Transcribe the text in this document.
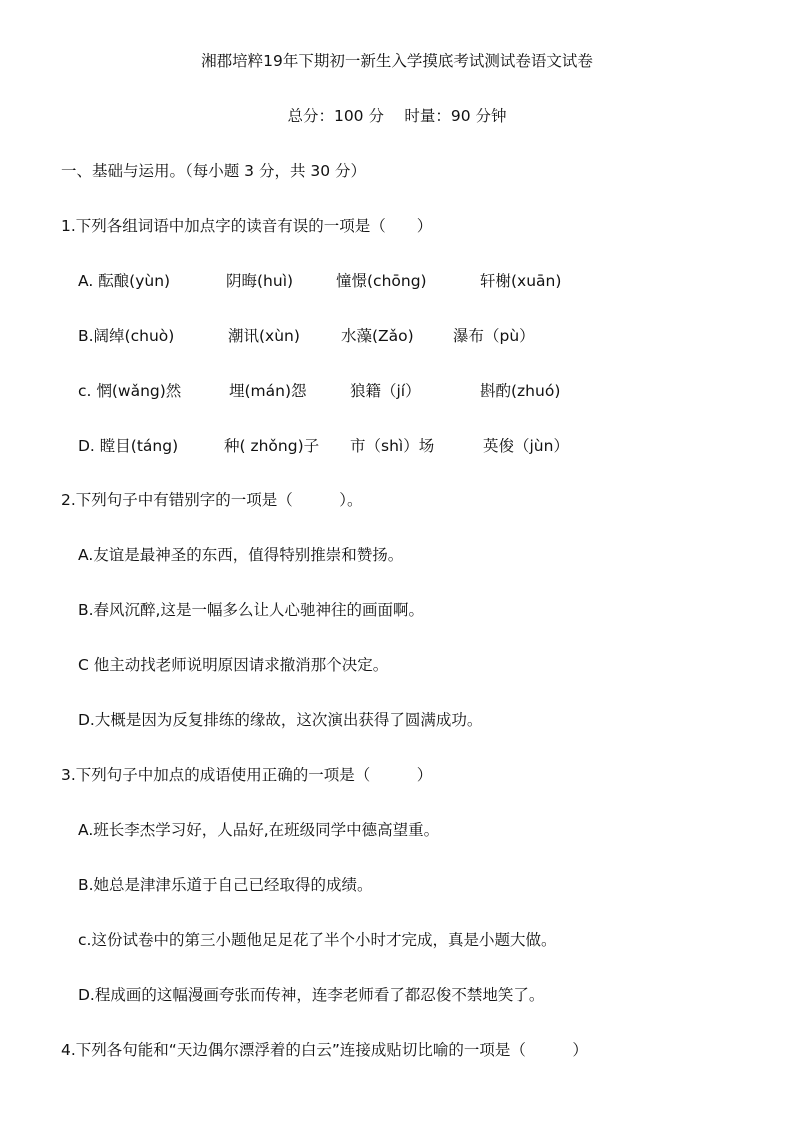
湘郡培粹19年下期初一新生入学摸底考试测试卷语文试卷
总分：100 分　 时量：90 分钟
一、基础与运用。（每小题 3 分，共 30 分）
1.下列各组词语中加点字的读音有误的一项是（　　）
A. 酝酿(yùn)	阴晦(huì)	憧憬(chōng)	轩榭(xuān)
B.阔绰(chuò)	潮讯(xùn)	水藻(Zǎo)	瀑布（pù）
c. 惘(wǎng)然	埋(mán)怨	狼籍（jí）	斟酌(zhuó)
D. 瞠目(táng)	种( zhǒng)子 市（shì）场	英俊（jùn）
2.下列句子中有错别字的一项是（　　　）。
A.友谊是最神圣的东西，值得特别推崇和赞扬。
B.春风沉醉,这是一幅多么让人心驰神往的画面啊。
C 他主动找老师说明原因请求撤消那个决定。
D.大概是因为反复排练的缘故，这次演出获得了圆满成功。
3.下列句子中加点的成语使用正确的一项是（　　　）
A.班长李杰学习好，人品好,在班级同学中德高望重。
B.她总是津津乐道于自己已经取得的成绩。
c.这份试卷中的第三小题他足足花了半个小时才完成，真是小题大做。
D.程成画的这幅漫画夸张而传神，连李老师看了都忍俊不禁地笑了。
4.下列各句能和“天边偶尔漂浮着的白云”连接成贴切比喻的一项是（　　　）
